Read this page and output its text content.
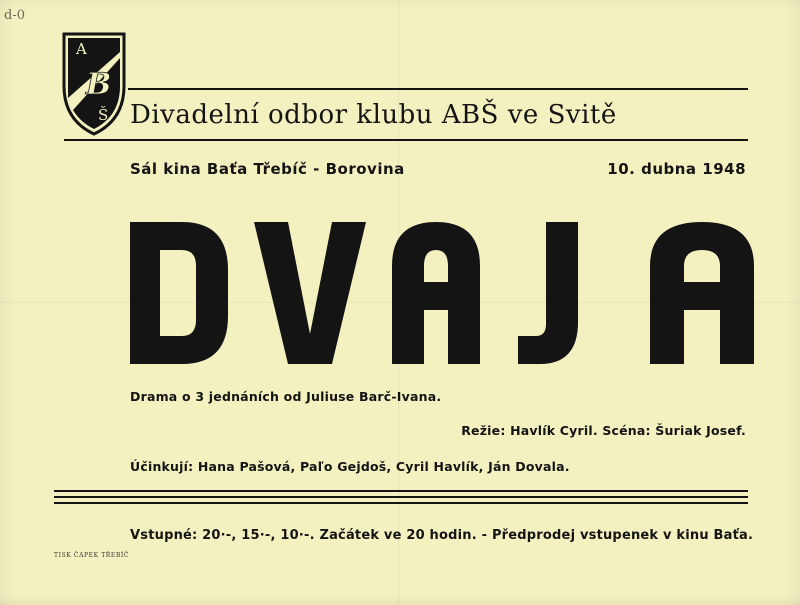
d-0
A
B
Š Divadelní odbor klubu ABŠ ve Svitě
Sál kina Baťa Třebíč - Borovina	10. dubna 1948
Drama o 3 jednáních od Juliuse Barč-Ivana.
Režie: Havlík Cyril. Scéna: Šuriak Josef.
Účinkují: Hana Pašová, Paľo Gejdoš, Cyril Havlík, Ján Dovala.
Vstupné: 20·-, 15·-, 10·-. Začátek ve 20 hodin. - Předprodej vstupenek v kinu Baťa.
TISK ČAPEK TŘEBÍČ
